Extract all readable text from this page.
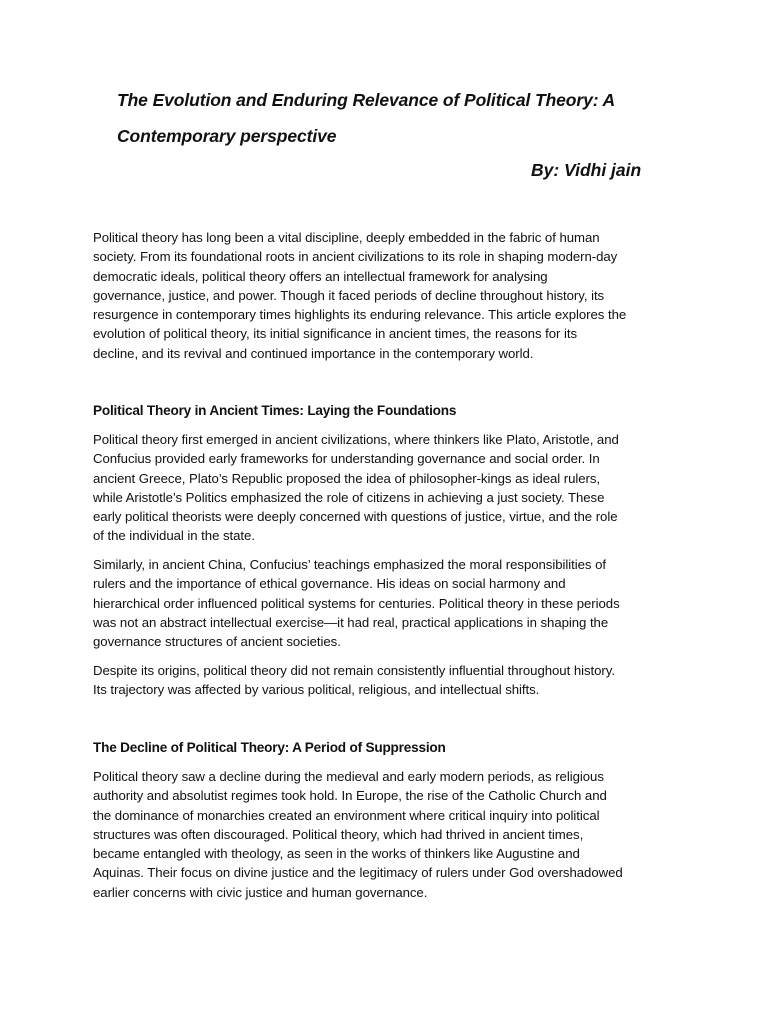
The Evolution and Enduring Relevance of Political Theory: A
Contemporary perspective

By: Vidhi jain

Political theory has long been a vital discipline, deeply embedded in the fabric of human
society. From its foundational roots in ancient civilizations to its role in shaping modern-day
democratic ideals, political theory offers an intellectual framework for analysing
governance, justice, and power. Though it faced periods of decline throughout history, its
resurgence in contemporary times highlights its enduring relevance. This article explores the
evolution of political theory, its initial significance in ancient times, the reasons for its
decline, and its revival and continued importance in the contemporary world.

Political Theory in Ancient Times: Laying the Foundations

Political theory first emerged in ancient civilizations, where thinkers like Plato, Aristotle, and
Confucius provided early frameworks for understanding governance and social order. In
ancient Greece, Plato’s Republic proposed the idea of philosopher-kings as ideal rulers,
while Aristotle’s Politics emphasized the role of citizens in achieving a just society. These
early political theorists were deeply concerned with questions of justice, virtue, and the role
of the individual in the state.

Similarly, in ancient China, Confucius’ teachings emphasized the moral responsibilities of
rulers and the importance of ethical governance. His ideas on social harmony and
hierarchical order influenced political systems for centuries. Political theory in these periods
was not an abstract intellectual exercise—it had real, practical applications in shaping the
governance structures of ancient societies.

Despite its origins, political theory did not remain consistently influential throughout history.
Its trajectory was affected by various political, religious, and intellectual shifts.

The Decline of Political Theory: A Period of Suppression

Political theory saw a decline during the medieval and early modern periods, as religious
authority and absolutist regimes took hold. In Europe, the rise of the Catholic Church and
the dominance of monarchies created an environment where critical inquiry into political
structures was often discouraged. Political theory, which had thrived in ancient times,
became entangled with theology, as seen in the works of thinkers like Augustine and
Aquinas. Their focus on divine justice and the legitimacy of rulers under God overshadowed
earlier concerns with civic justice and human governance.
